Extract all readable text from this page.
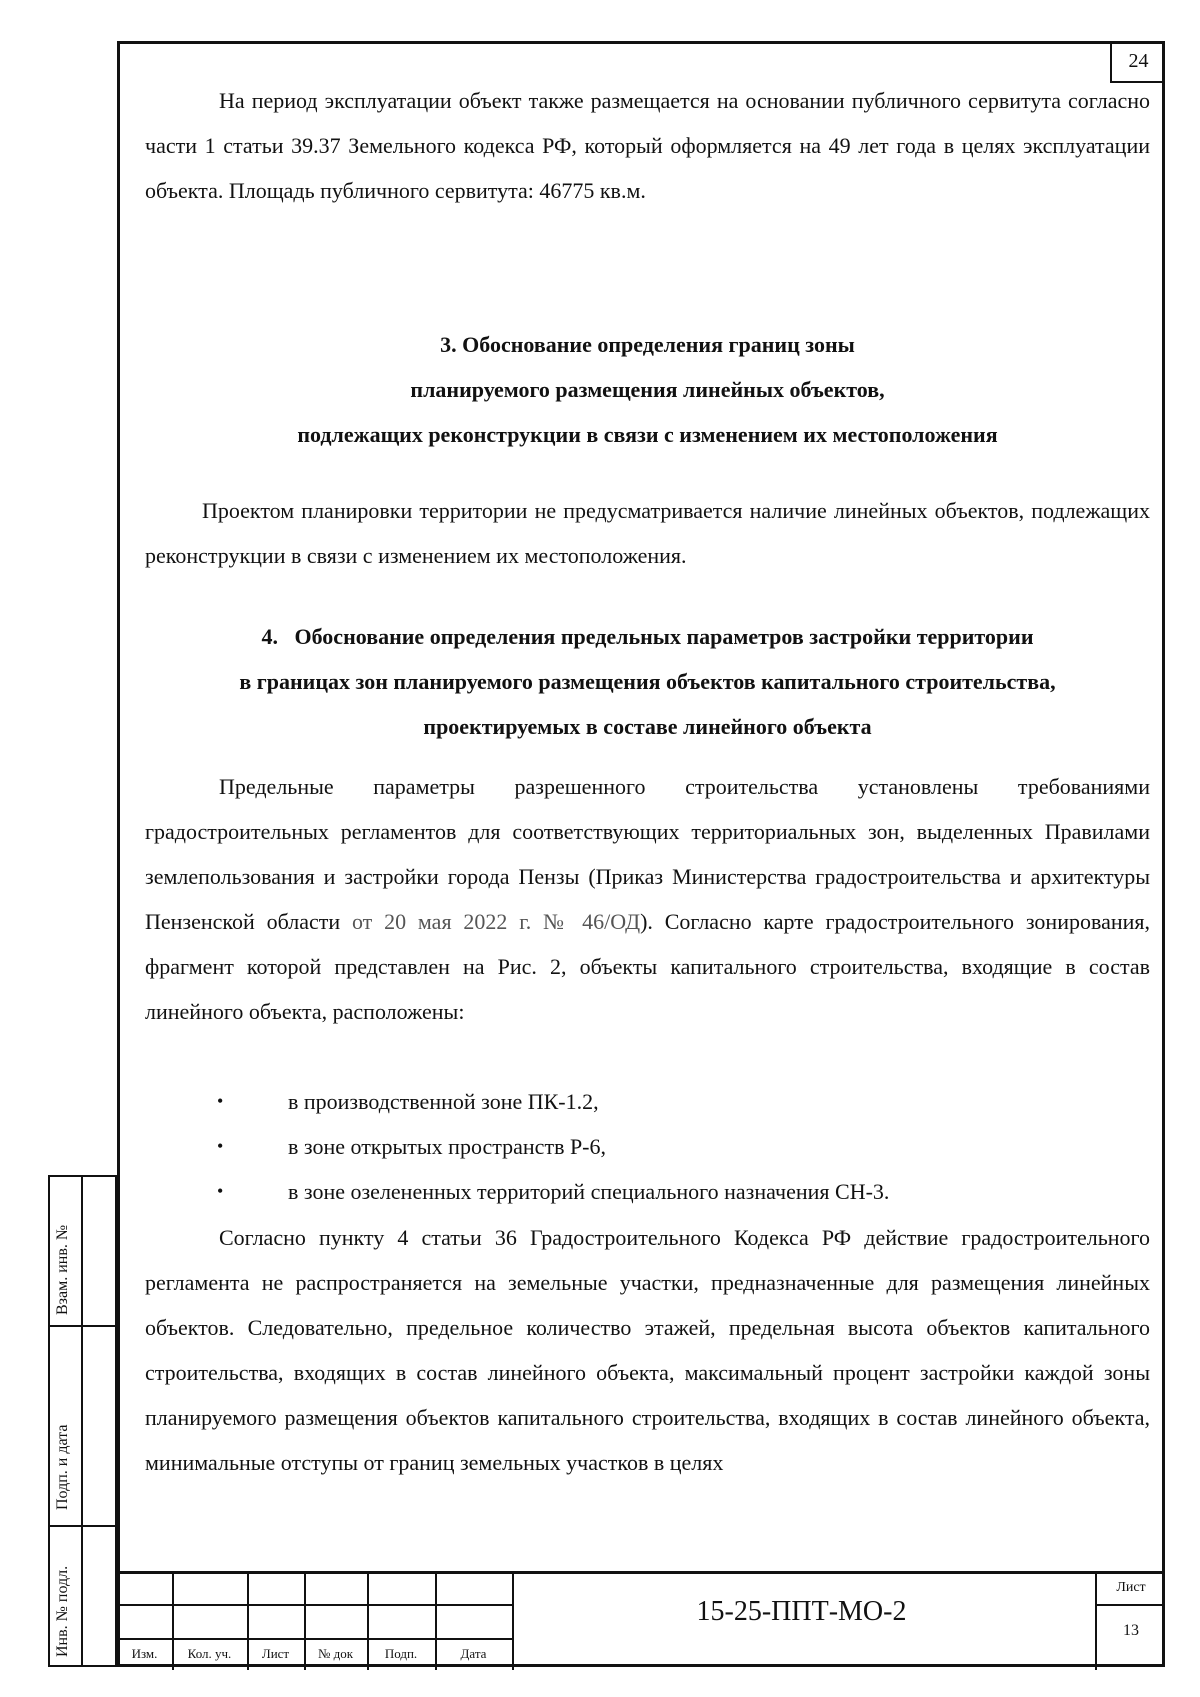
24

На период эксплуатации объект также размещается на основании публичного сервитута согласно части 1 статьи 39.37 Земельного кодекса РФ, который оформляется на 49 лет года в целях эксплуатации объекта. Площадь публичного сервитута: 46775 кв.м.

3. Обоснование определения границ зоны
планируемого размещения линейных объектов,
подлежащих реконструкции в связи с изменением их местоположения

Проектом планировки территории не предусматривается наличие линейных объектов, подлежащих реконструкции в связи с изменением их местоположения.

4.   Обоснование определения предельных параметров застройки территории
в границах зон планируемого размещения объектов капитального строительства,
проектируемых в составе линейного объекта

Предельные параметры разрешенного строительства установлены требованиями градостроительных регламентов для соответствующих территориальных зон, выделенных Правилами землепользования и застройки города Пензы (Приказ Министерства градостроительства и архитектуры Пензенской области от 20 мая 2022 г. № 46/ОД). Согласно карте градостроительного зонирования, фрагмент которой представлен на Рис. 2, объекты капитального строительства, входящие в состав линейного объекта, расположены:

•	в производственной зоне ПК-1.2,
•	в зоне открытых пространств Р-6,
•	в зоне озелененных территорий специального назначения СН-3.

Согласно пункту 4 статьи 36 Градостроительного Кодекса РФ действие градостроительного регламента не распространяется на земельные участки, предназначенные для размещения линейных объектов. Следовательно, предельное количество этажей, предельная высота объектов капитального строительства, входящих в состав линейного объекта, максимальный процент застройки каждой зоны планируемого размещения объектов капитального строительства, входящих в состав линейного объекта, минимальные отступы от границ земельных участков в целях

Взам. инв. №
Подп. и дата
Инв. № подл.	Изм.	Кол. уч.	Лист	№ док	Подп.	Дата
15-25-ППТ-МО-2
Лист
13
